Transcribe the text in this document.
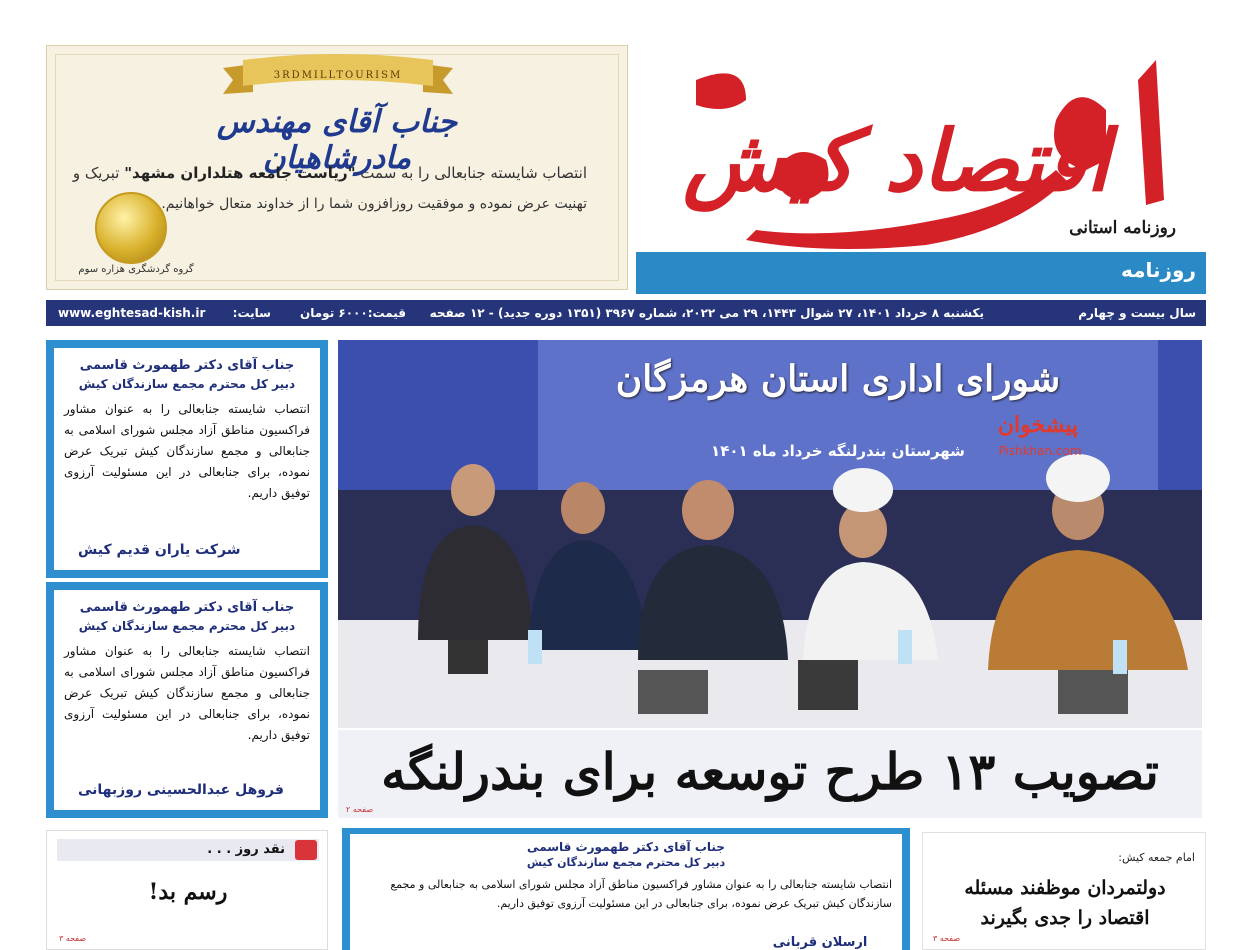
اقتصاد کیش
روزنامه استانی
روزنامه
3RDMILLTOURISM
جناب آقای مهندس مادرشاهیان
انتصاب شایسته جنابعالی را به سمت "ریاست جامعه هتلداران مشهد" تبریک و
تهنیت عرض نموده و موفقیت روزافزون شما را از خداوند متعال خواهانیم.
گروه گردشگری هزاره سوم
سال بیست و چهارم
یکشنبه ۸ خرداد ۱۴۰۱، ۲۷ شوال ۱۴۴۳، ۲۹ می ۲۰۲۲، شماره ۳۹۶۷ (۱۳۵۱ دوره جدید) - ۱۲ صفحه
قیمت:۶۰۰۰ تومان
سایت:
www.eghtesad-kish.ir
جناب آقای دکتر طهمورث قاسمی
دبیر کل محترم مجمع سازندگان کیش
انتصاب شایسته جنابعالی را به عنوان مشاور فراکسیون مناطق آزاد مجلس شورای اسلامی به جنابعالی و مجمع سازندگان کیش تبریک عرض نموده، برای جنابعالی در این مسئولیت آرزوی توفیق داریم.
شرکت یاران قدیم کیش
جناب آقای دکتر طهمورث قاسمی
دبیر کل محترم مجمع سازندگان کیش
انتصاب شایسته جنابعالی را به عنوان مشاور فراکسیون مناطق آزاد مجلس شورای اسلامی به جنابعالی و مجمع سازندگان کیش تبریک عرض نموده، برای جنابعالی در این مسئولیت آرزوی توفیق داریم.
فروهل عبدالحسینی روزبهانی
شورای اداری استان هرمزگان
شهرستان بندرلنگه خرداد ماه ۱۴۰۱
پیشخوان
Pishkhan.com
تصویب ۱۳ طرح توسعه برای بندرلنگه
صفحه ۲
نقد روز . . .
رسم بد!
صفحه ۳
جناب آقای دکتر طهمورث قاسمی
دبیر کل محترم مجمع سازندگان کیش
انتصاب شایسته جنابعالی را به عنوان مشاور فراکسیون مناطق آزاد مجلس شورای اسلامی به جنابعالی و مجمع سازندگان کیش تبریک عرض نموده، برای جنابعالی در این مسئولیت آرزوی توفیق داریم.
ارسلان قربانی
امام جمعه کیش:
دولتمردان موظفند مسئله
اقتصاد را جدی بگیرند
صفحه ۳
